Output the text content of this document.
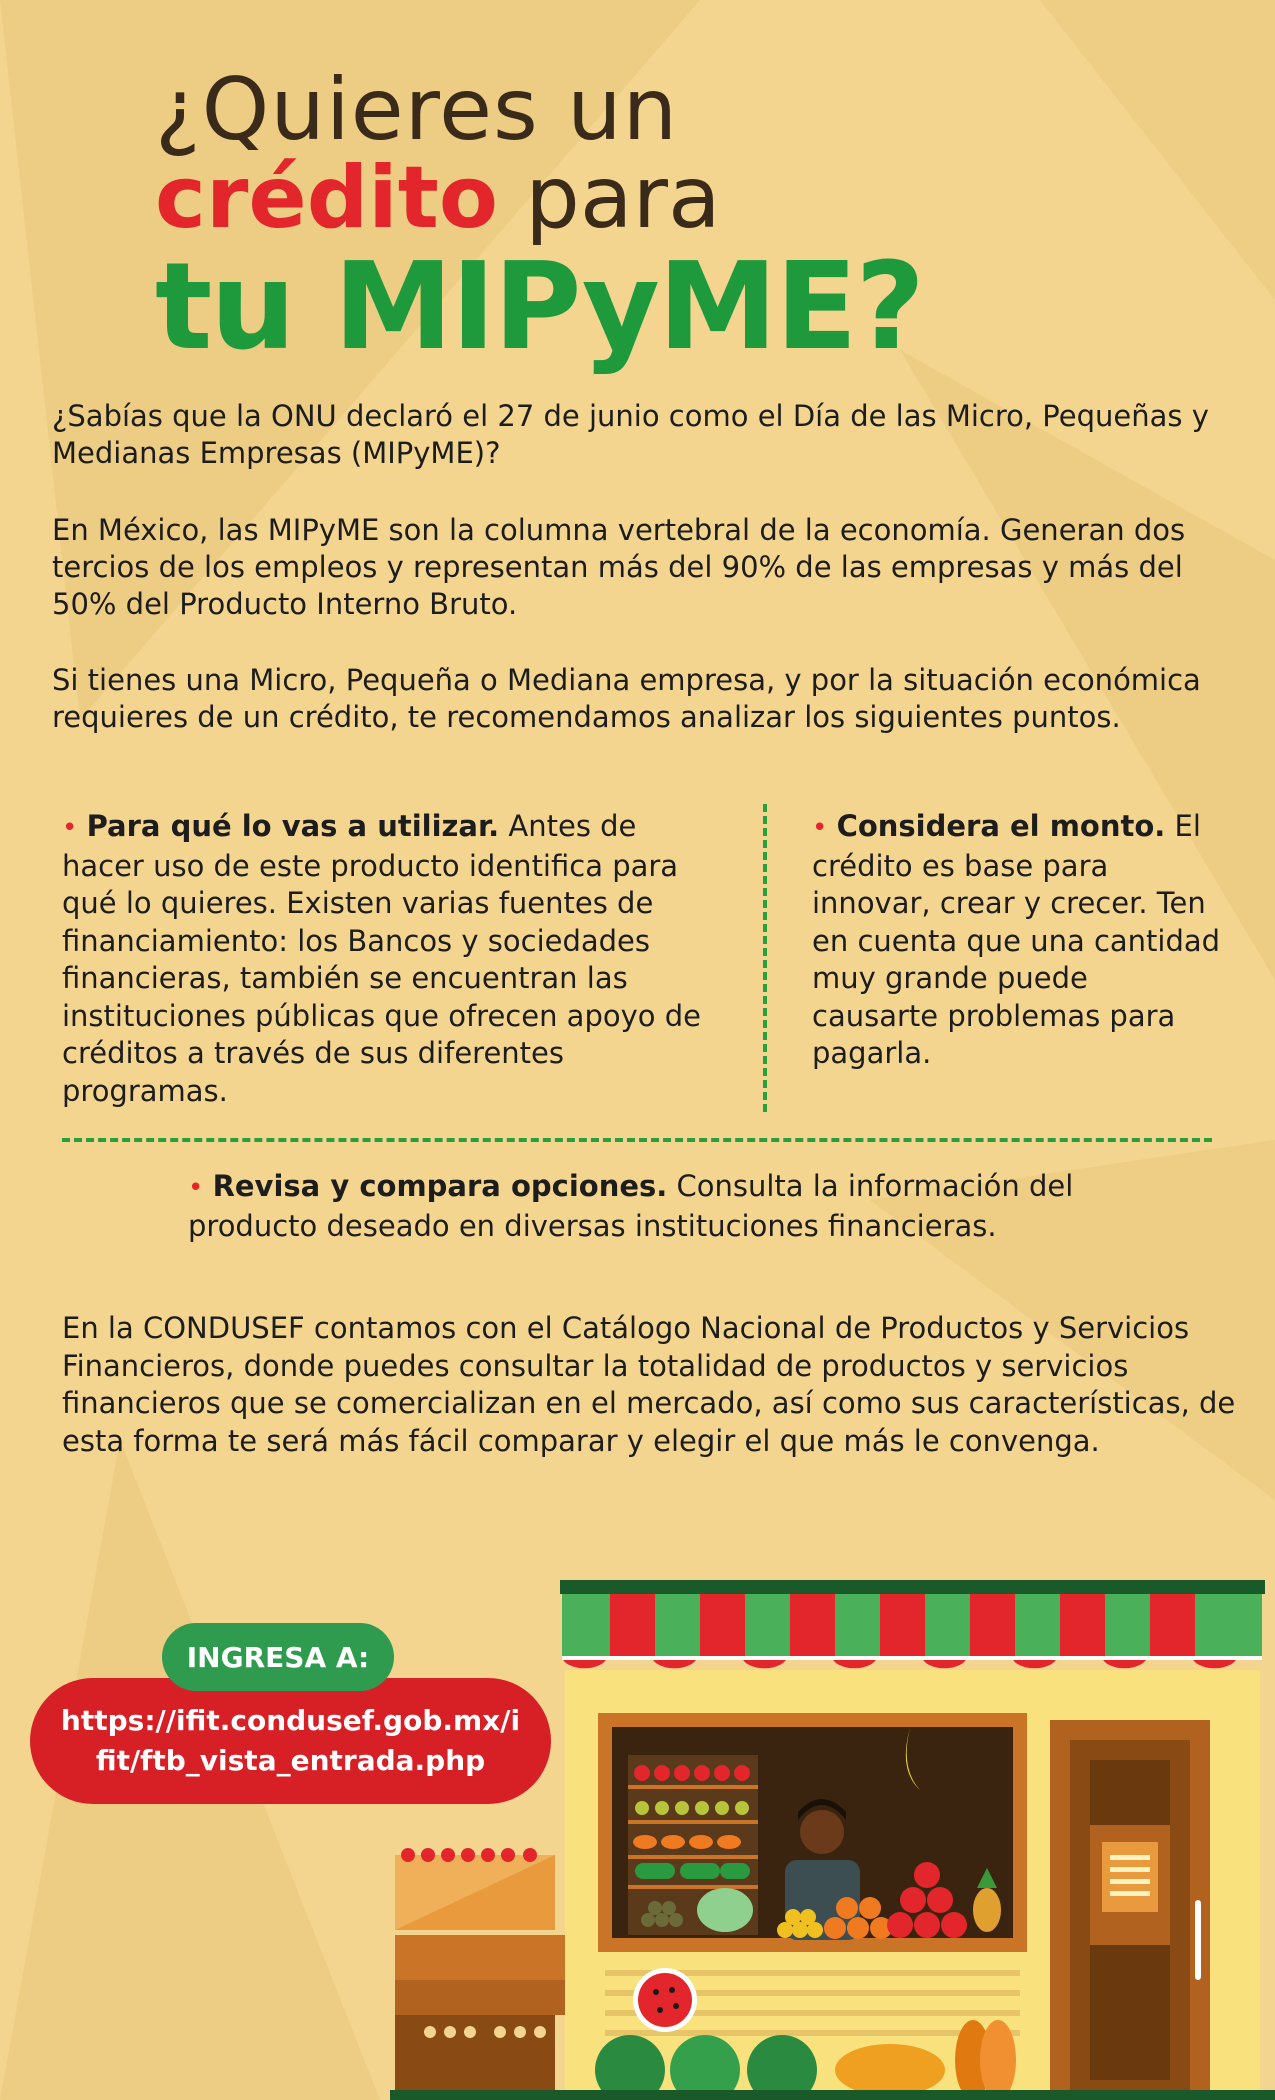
¿Quieres un
crédito para
tu MIPyME?
¿Sabías que la ONU declaró el 27 de junio como el Día de las Micro, Pequeñas y Medianas Empresas (MIPyME)?
En México, las MIPyME son la columna vertebral de la economía. Generan dos tercios de los empleos y representan más del 90% de las empresas y más del 50% del Producto Interno Bruto.
Si tienes una Micro, Pequeña o Mediana empresa, y por la situación económica requieres de un crédito, te recomendamos analizar los siguientes puntos.
• Para qué lo vas a utilizar. Antes de hacer uso de este producto identifica para qué lo quieres. Existen varias fuentes de financiamiento: los Bancos y sociedades financieras, también se encuentran las instituciones públicas que ofrecen apoyo de créditos a través de sus diferentes programas.
• Considera el monto. El crédito es base para innovar, crear y crecer. Ten en cuenta que una cantidad muy grande puede causarte problemas para pagarla.
• Revisa y compara opciones. Consulta la información del producto deseado en diversas instituciones financieras.
En la CONDUSEF contamos con el Catálogo Nacional de Productos y Servicios Financieros, donde puedes consultar la totalidad de productos y servicios financieros que se comercializan en el mercado, así como sus características, de esta forma te será más fácil comparar y elegir el que más le convenga.
https://ifit.condusef.gob.mx/ifit/ftb_vista_entrada.php
INGRESA A:
